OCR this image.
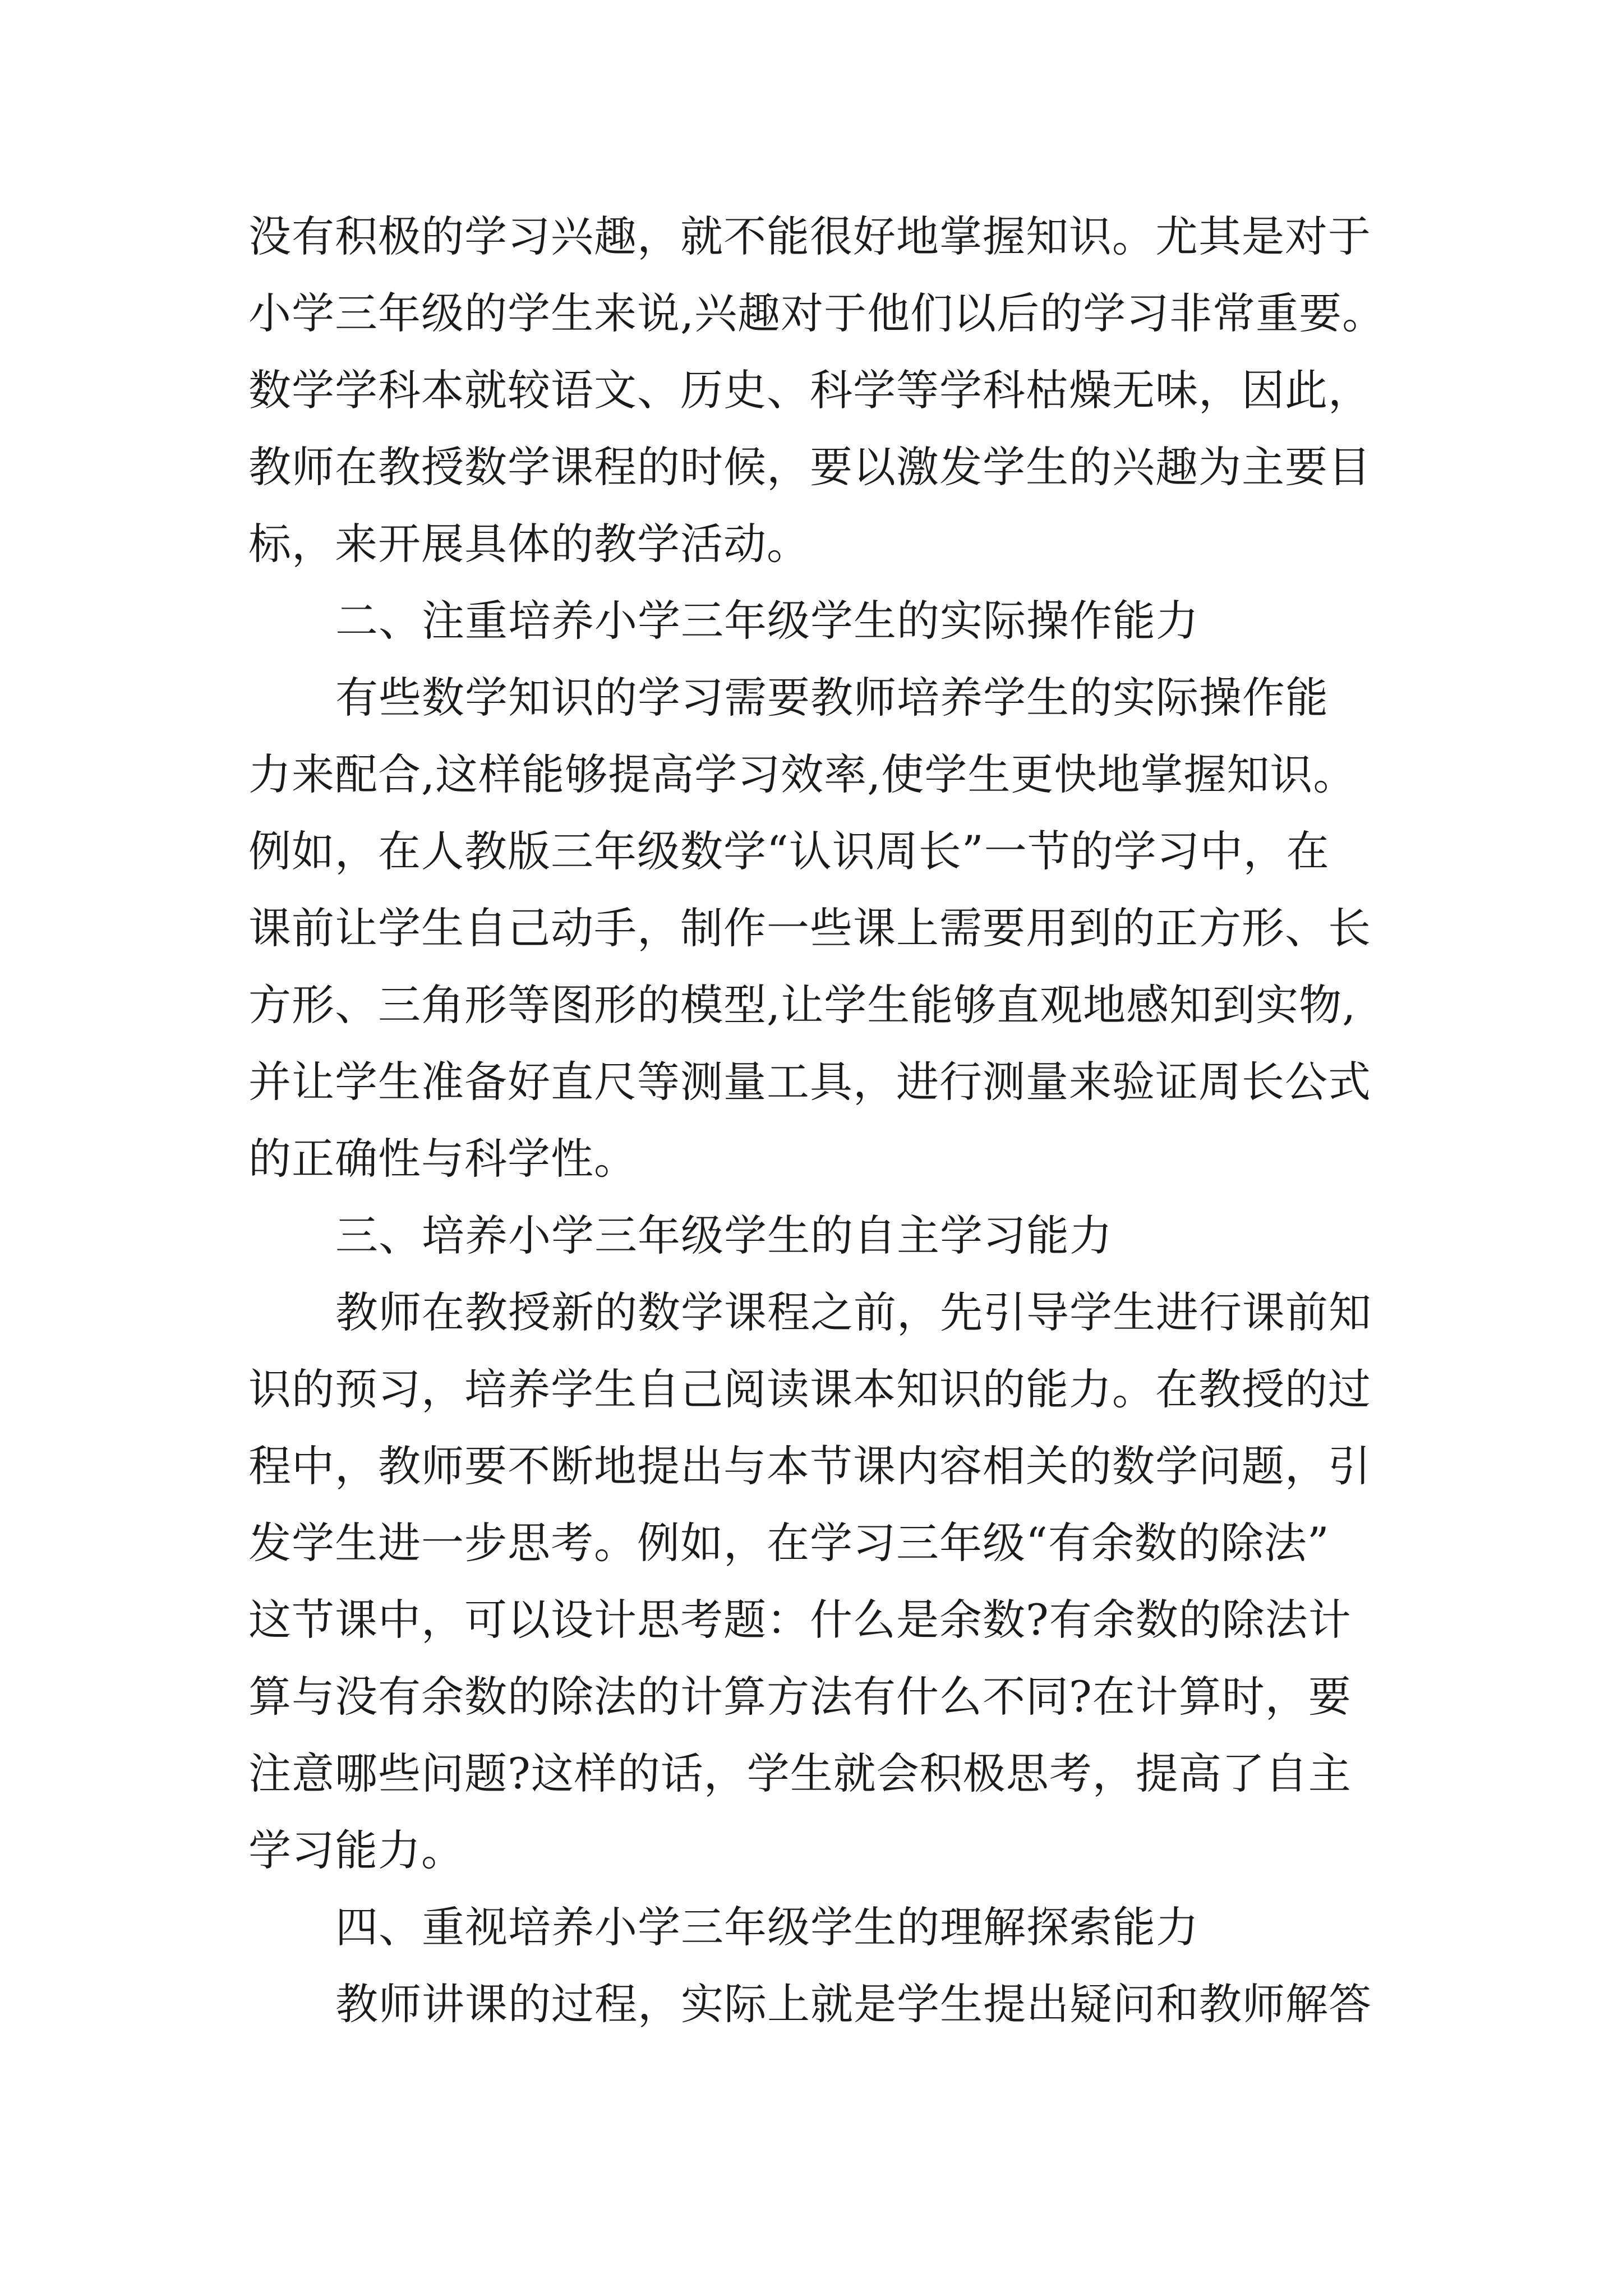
没有积极的学习兴趣，就不能很好地掌握知识。尤其是对于
小学三年级的学生来说,兴趣对于他们以后的学习非常重要。
数学学科本就较语文、历史、科学等学科枯燥无味，因此，
教师在教授数学课程的时候，要以激发学生的兴趣为主要目
标，来开展具体的教学活动。
二、注重培养小学三年级学生的实际操作能力
有些数学知识的学习需要教师培养学生的实际操作能
力来配合,这样能够提高学习效率,使学生更快地掌握知识。
例如，在人教版三年级数学“认识周长”一节的学习中，在
课前让学生自己动手，制作一些课上需要用到的正方形、长
方形、三角形等图形的模型,让学生能够直观地感知到实物,
并让学生准备好直尺等测量工具，进行测量来验证周长公式
的正确性与科学性。
三、培养小学三年级学生的自主学习能力
教师在教授新的数学课程之前，先引导学生进行课前知
识的预习，培养学生自己阅读课本知识的能力。在教授的过
程中，教师要不断地提出与本节课内容相关的数学问题，引
发学生进一步思考。例如，在学习三年级“有余数的除法”
这节课中，可以设计思考题：什么是余数?有余数的除法计
算与没有余数的除法的计算方法有什么不同?在计算时，要
注意哪些问题?这样的话，学生就会积极思考，提高了自主
学习能力。
四、重视培养小学三年级学生的理解探索能力
教师讲课的过程，实际上就是学生提出疑问和教师解答
